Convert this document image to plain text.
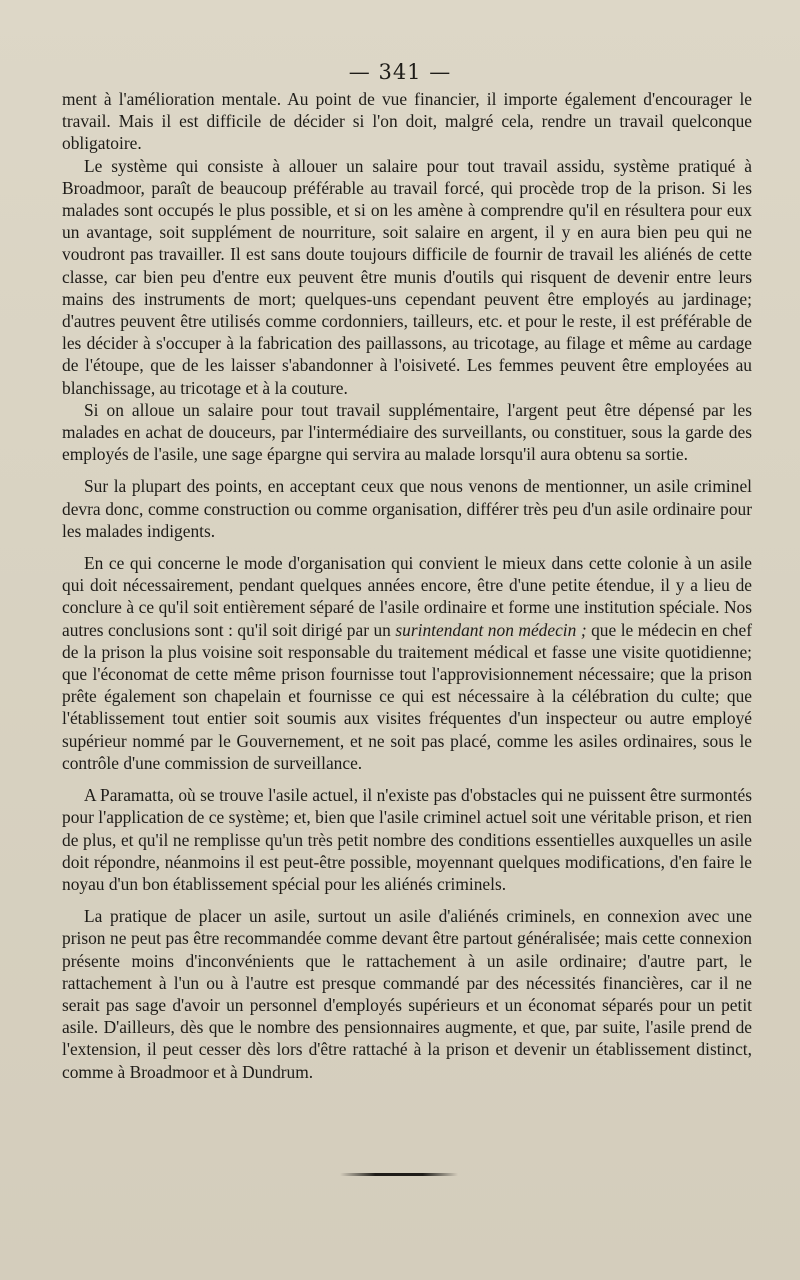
— 341 —

ment à l'amélioration mentale. Au point de vue financier, il importe également d'encourager le travail. Mais il est difficile de décider si l'on doit, malgré cela, rendre un travail quelconque obligatoire.

Le système qui consiste à allouer un salaire pour tout travail assidu, système pratiqué à Broadmoor, paraît de beaucoup préférable au travail forcé, qui procède trop de la prison. Si les malades sont occupés le plus possible, et si on les amène à comprendre qu'il en résultera pour eux un avantage, soit supplément de nourriture, soit salaire en argent, il y en aura bien peu qui ne voudront pas travailler. Il est sans doute toujours difficile de fournir de travail les aliénés de cette classe, car bien peu d'entre eux peuvent être munis d'outils qui risquent de devenir entre leurs mains des instruments de mort; quelques-uns cependant peuvent être employés au jardinage; d'autres peuvent être utilisés comme cordonniers, tailleurs, etc. et pour le reste, il est préférable de les décider à s'occuper à la fabrication des paillassons, au tricotage, au filage et même au cardage de l'étoupe, que de les laisser s'abandonner à l'oisiveté. Les femmes peuvent être employées au blanchissage, au tricotage et à la couture.

Si on alloue un salaire pour tout travail supplémentaire, l'argent peut être dépensé par les malades en achat de douceurs, par l'intermédiaire des surveillants, ou constituer, sous la garde des employés de l'asile, une sage épargne qui servira au malade lorsqu'il aura obtenu sa sortie.

Sur la plupart des points, en acceptant ceux que nous venons de mentionner, un asile criminel devra donc, comme construction ou comme organisation, différer très peu d'un asile ordinaire pour les malades indigents.

En ce qui concerne le mode d'organisation qui convient le mieux dans cette colonie à un asile qui doit nécessairement, pendant quelques années encore, être d'une petite étendue, il y a lieu de conclure à ce qu'il soit entièrement séparé de l'asile ordinaire et forme une institution spéciale. Nos autres conclusions sont : qu'il soit dirigé par un surintendant non médecin ; que le médecin en chef de la prison la plus voisine soit responsable du traitement médical et fasse une visite quotidienne; que l'économat de cette même prison fournisse tout l'approvisionnement nécessaire; que la prison prête également son chapelain et fournisse ce qui est nécessaire à la célébration du culte; que l'établissement tout entier soit soumis aux visites fréquentes d'un inspecteur ou autre employé supérieur nommé par le Gouvernement, et ne soit pas placé, comme les asiles ordinaires, sous le contrôle d'une commission de surveillance.

A Paramatta, où se trouve l'asile actuel, il n'existe pas d'obstacles qui ne puissent être surmontés pour l'application de ce système; et, bien que l'asile criminel actuel soit une véritable prison, et rien de plus, et qu'il ne remplisse qu'un très petit nombre des conditions essentielles auxquelles un asile doit répondre, néanmoins il est peut-être possible, moyennant quelques modifications, d'en faire le noyau d'un bon établissement spécial pour les aliénés criminels.

La pratique de placer un asile, surtout un asile d'aliénés criminels, en connexion avec une prison ne peut pas être recommandée comme devant être partout généralisée; mais cette connexion présente moins d'inconvénients que le rattachement à un asile ordinaire; d'autre part, le rattachement à l'un ou à l'autre est presque commandé par des nécessités financières, car il ne serait pas sage d'avoir un personnel d'employés supérieurs et un économat séparés pour un petit asile. D'ailleurs, dès que le nombre des pensionnaires augmente, et que, par suite, l'asile prend de l'extension, il peut cesser dès lors d'être rattaché à la prison et devenir un établissement distinct, comme à Broadmoor et à Dundrum.
